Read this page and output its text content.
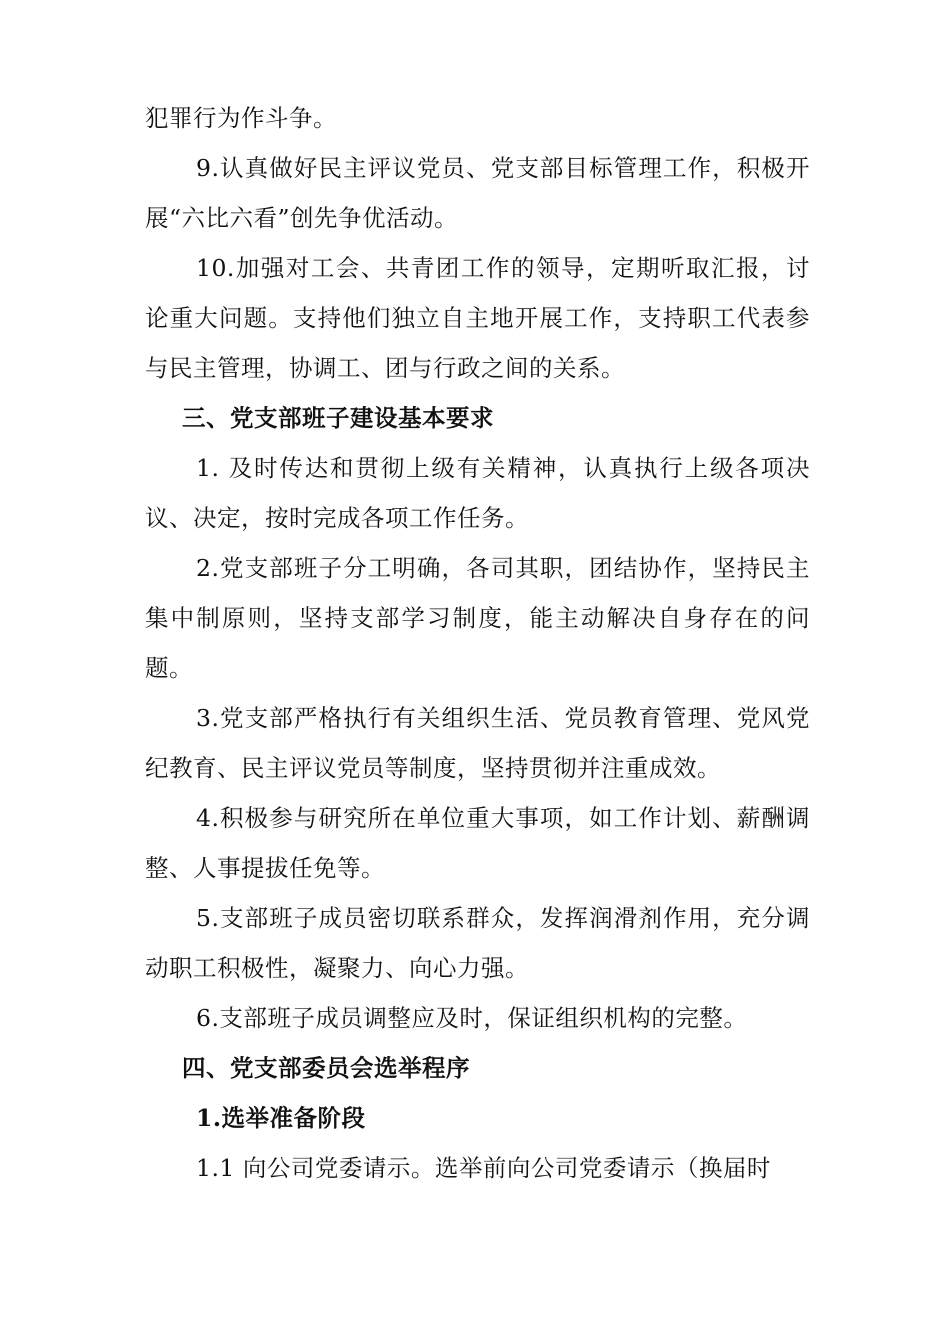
犯罪行为作斗争。

9.认真做好民主评议党员、党支部目标管理工作，积极开展“六比六看”创先争优活动。

10.加强对工会、共青团工作的领导，定期听取汇报，讨论重大问题。支持他们独立自主地开展工作，支持职工代表参与民主管理，协调工、团与行政之间的关系。

三、党支部班子建设基本要求

1. 及时传达和贯彻上级有关精神，认真执行上级各项决议、决定，按时完成各项工作任务。

2.党支部班子分工明确，各司其职，团结协作，坚持民主集中制原则，坚持支部学习制度，能主动解决自身存在的问题。

3.党支部严格执行有关组织生活、党员教育管理、党风党纪教育、民主评议党员等制度，坚持贯彻并注重成效。

4.积极参与研究所在单位重大事项，如工作计划、薪酬调整、人事提拔任免等。

5.支部班子成员密切联系群众，发挥润滑剂作用，充分调动职工积极性，凝聚力、向心力强。

6.支部班子成员调整应及时，保证组织机构的完整。

四、党支部委员会选举程序

1.选举准备阶段

1.1 向公司党委请示。选举前向公司党委请示（换届时
